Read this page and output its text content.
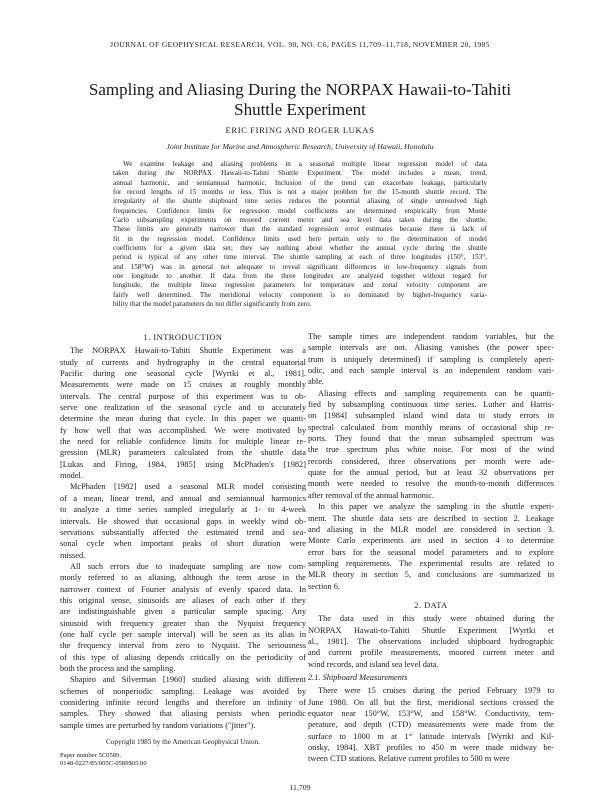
JOURNAL OF GEOPHYSICAL RESEARCH, VOL. 90, NO. C6, PAGES 11,709–11,718, NOVEMBER 20, 1985
Sampling and Aliasing During the NORPAX Hawaii-to-Tahiti
Shuttle Experiment
ERIC FIRING AND ROGER LUKAS
Joint Institute for Marine and Atmospheric Research, University of Hawaii, Honolulu
We examine leakage and aliasing problems in a seasonal multiple linear regression model of data
taken during the NORPAX Hawaii-to-Tahiti Shuttle Experiment. The model includes a mean, trend,
annual harmonic, and semiannual harmonic. Inclusion of the trend can exacerbate leakage, particularly
for record lengths of 15 months or less. This is not a major problem for the 15-month shuttle record. The
irregularity of the shuttle shipboard time series reduces the potential aliasing of single unresolved high
frequencies. Confidence limits for regression model coefficients are determined empirically from Monte
Carlo subsampling experiments on moored current meter and sea level data taken during the shuttle.
These limits are generally narrower than the standard regression error estimates because there is lack of
fit in the regression model. Confidence limits used here pertain only to the determination of model
coefficients for a given data set; they say nothing about whether the annual cycle during the shuttle
period is typical of any other time interval. The shuttle sampling at each of three longitudes (150°, 153°,
and 158°W) was in general not adequate to reveal significant differences in low-frequency signals from
one longitude to another. If data from the three longitudes are analyzed together without regard for
longitude, the multiple linear regression parameters for temperature and zonal velocity component are
fairly well determined. The meridional velocity component is so dominated by higher-frequency varia-
bility that the model parameters do not differ significantly from zero.
1. INTRODUCTION
The NORPAX Hawaii-to-Tahiti Shuttle Experiment was a
study of currents and hydrography in the central equatorial
Pacific during one seasonal cycle [Wyrtki et al., 1981].
Measurements were made on 15 cruises at roughly monthly
intervals. The central purpose of this experiment was to ob-
serve one realization of the seasonal cycle and to accurately
determine the mean during that cycle. In this paper we quanti-
fy how well that was accomplished. We were motivated by
the need for reliable confidence limits for multiple linear re-
gression (MLR) parameters calculated from the shuttle data
[Lukas and Firing, 1984, 1985] using McPhaden's [1982]
model.
McPhaden [1982] used a seasonal MLR model consisting
of a mean, linear trend, and annual and semiannual harmonics
to analyze a time series sampled irregularly at 1- to 4-week
intervals. He showed that occasional gaps in weekly wind ob-
servations substantially affected the estimated trend and sea-
sonal cycle when important peaks of short duration were
missed.
All such errors due to inadequate sampling are now com-
monly referred to as aliasing, although the term arose in the
narrower context of Fourier analysis of evenly spaced data. In
this original sense, sinusoids are aliases of each other if they
are indistinguishable given a particular sample spacing. Any
sinusoid with frequency greater than the Nyquist frequency
(one half cycle per sample interval) will be seen as its alias in
the frequency interval from zero to Nyquist. The seriousness
of this type of aliasing depends critically on the periodicity of
both the process and the sampling.
Shapiro and Silverman [1960] studied aliasing with different
schemes of nonperiodic sampling. Leakage was avoided by
considering infinite record lengths and therefore an infinity of
samples. They showed that aliasing persists when periodic
sample times are perturbed by random variations ("jitter").
Copyright 1985 by the American Geophysical Union.
Paper number 5C0589.
0148-0227/85/005C-0589$05.00
The sample times are independent random variables, but the
sample intervals are not. Aliasing vanishes (the power spec-
trum is uniquely determined) if sampling is completely aperi-
odic, and each sample interval is an independent random vari-
able.
Aliasing effects and sampling requirements can be quanti-
fied by subsampling continuous time series. Luther and Harris-
on [1984] subsampled island wind data to study errors in
spectral calculated from monthly means of occasional ship re-
ports. They found that the mean subsampled spectrum was
the true spectrum plus white noise. For most of the wind
records considered, three observations per month were ade-
quate for the annual period, but at least 32 observations per
month were needed to resolve the month-to-month differences
after removal of the annual harmonic.
In this paper we analyze the sampling in the shuttle experi-
ment. The shuttle data sets are described in section 2. Leakage
and aliasing in the MLR model are considered in section 3.
Monte Carlo experiments are used in section 4 to determine
error bars for the seasonal model parameters and to explore
sampling requirements. The experimental results are related to
MLR theory in section 5, and conclusions are summarized in
section 6.
2. DATA
The data used in this study were obtained during the
NORPAX Hawaii-to-Tahiti Shuttle Experiment [Wyrtki et
al., 1981]. The observations included shipboard hydrographic
and current profile measurements, moored current meter and
wind records, and island sea level data.
2.1. Shipboard Measurements
There were 15 cruises during the period February 1979 to
June 1980. On all but the first, meridional sections crossed the
equator near 150°W, 153°W, and 158°W. Conductivity, tem-
perature, and depth (CTD) measurements were made from the
surface to 1000 m at 1° latitude intervals [Wyrtki and Kil-
onsky, 1984]. XBT profiles to 450 m were made midway be-
tween CTD stations. Relative current profiles to 500 m were
11,709
